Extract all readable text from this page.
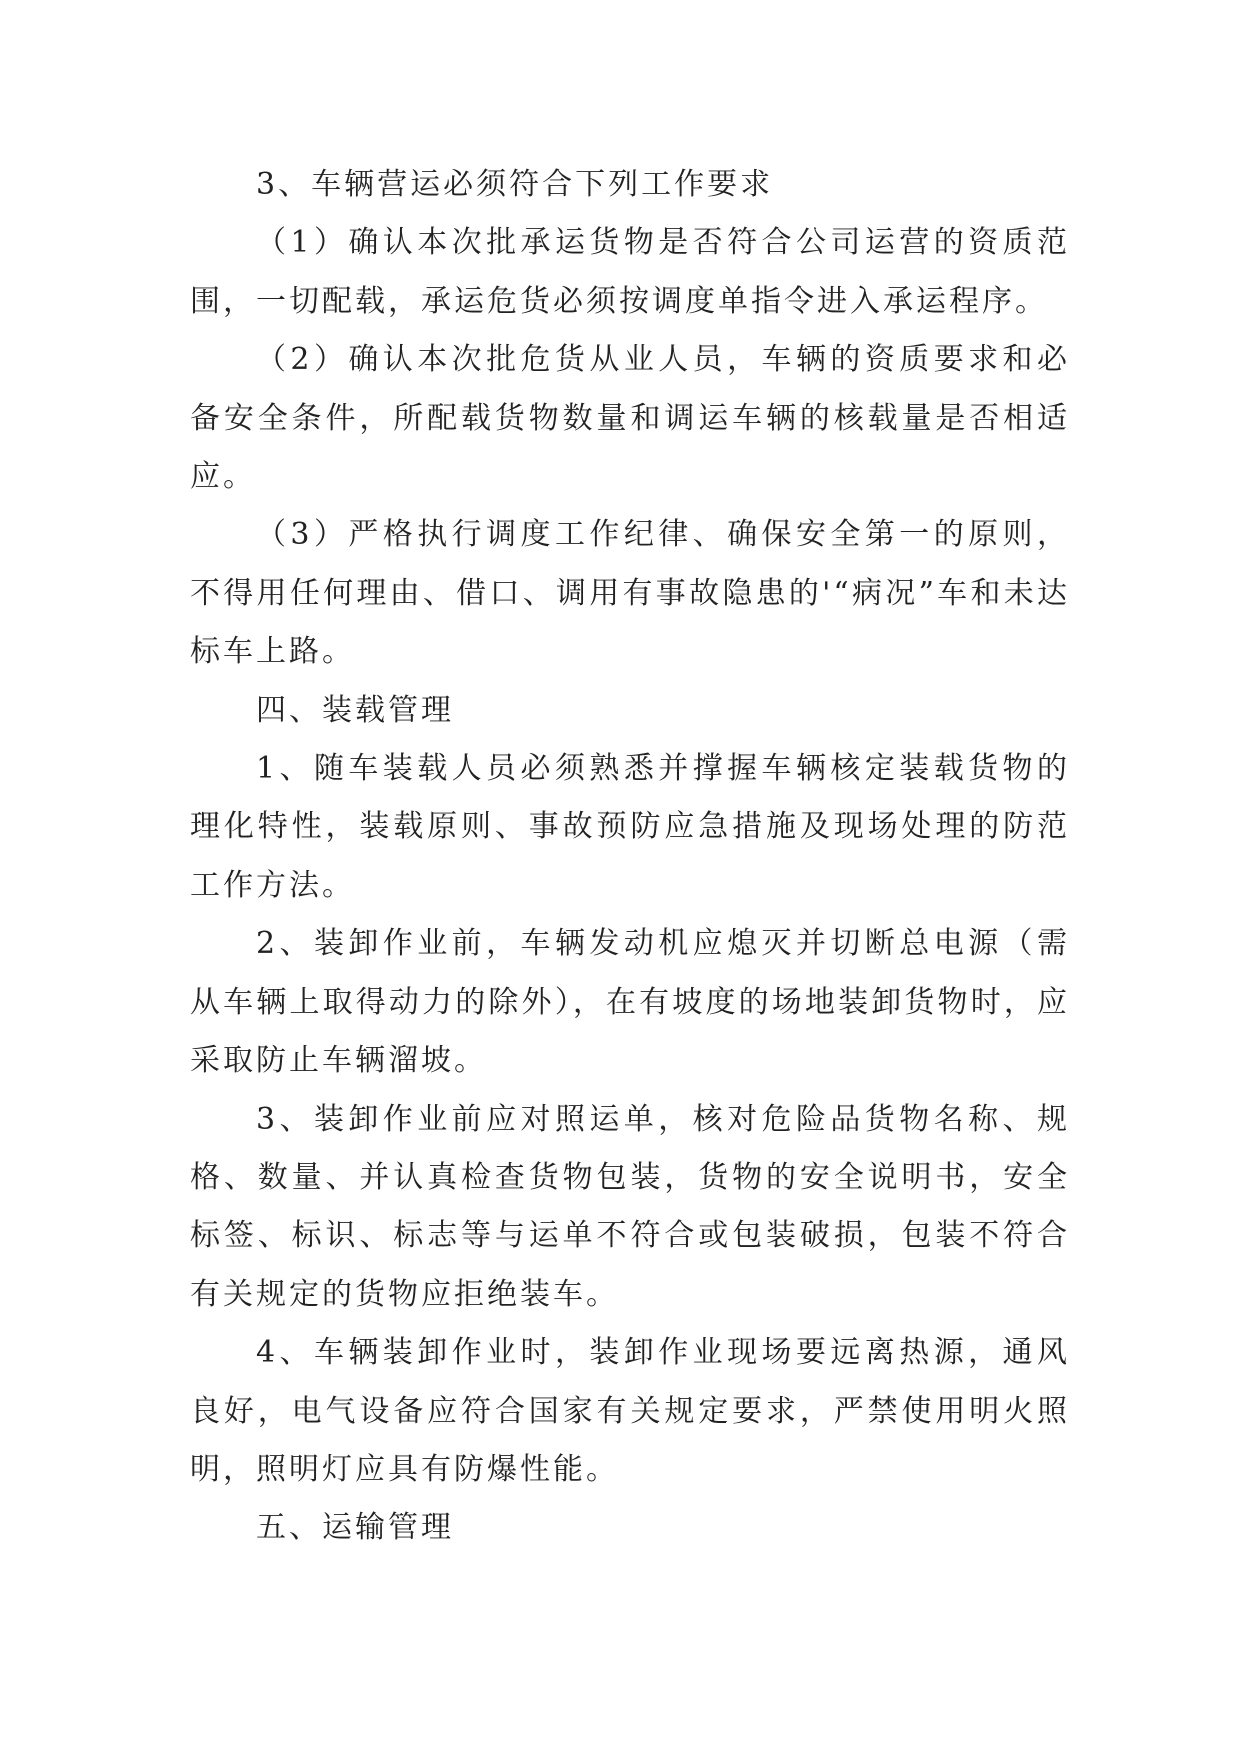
3、车辆营运必须符合下列工作要求

（1）确认本次批承运货物是否符合公司运营的资质范围，一切配载，承运危货必须按调度单指令进入承运程序。

（2）确认本次批危货从业人员，车辆的资质要求和必备安全条件，所配载货物数量和调运车辆的核载量是否相适应。

（3）严格执行调度工作纪律、确保安全第一的原则，不得用任何理由、借口、调用有事故隐患的'“病况”车和未达标车上路。

四、装载管理

1、随车装载人员必须熟悉并撑握车辆核定装载货物的理化特性，装载原则、事故预防应急措施及现场处理的防范工作方法。

2、装卸作业前，车辆发动机应熄灭并切断总电源（需从车辆上取得动力的除外），在有坡度的场地装卸货物时，应采取防止车辆溜坡。

3、装卸作业前应对照运单，核对危险品货物名称、规格、数量、并认真检查货物包装，货物的安全说明书，安全标签、标识、标志等与运单不符合或包装破损，包装不符合有关规定的货物应拒绝装车。

4、车辆装卸作业时，装卸作业现场要远离热源，通风良好，电气设备应符合国家有关规定要求，严禁使用明火照明，照明灯应具有防爆性能。

五、运输管理
